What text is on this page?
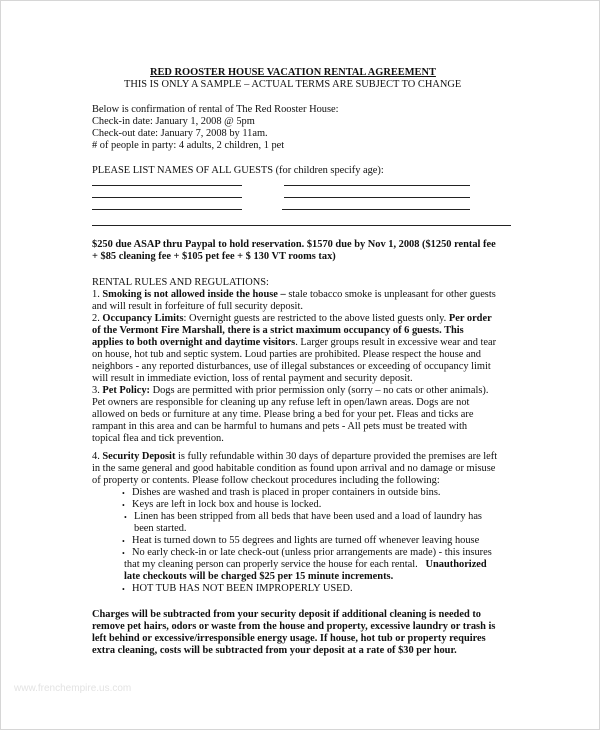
RED ROOSTER HOUSE VACATION RENTAL AGREEMENT
THIS IS ONLY A SAMPLE – ACTUAL TERMS ARE SUBJECT TO CHANGE
Below is confirmation of rental of The Red Rooster House:
Check-in date: January 1, 2008 @ 5pm
Check-out date: January 7, 2008 by 11am.
# of people in party: 4 adults, 2 children, 1 pet
PLEASE LIST NAMES OF ALL GUESTS (for children specify age):
$250 due ASAP thru Paypal to hold reservation. $1570 due by Nov 1, 2008 ($1250 rental fee
+ $85 cleaning fee + $105 pet fee + $ 130 VT rooms tax)
RENTAL RULES AND REGULATIONS:
1. Smoking is not allowed inside the house – stale tobacco smoke is unpleasant for other guests
and will result in forfeiture of full security deposit.
2. Occupancy Limits: Overnight guests are restricted to the above listed guests only. Per order
of the Vermont Fire Marshall, there is a strict maximum occupancy of 6 guests. This
applies to both overnight and daytime visitors. Larger groups result in excessive wear and tear
on house, hot tub and septic system. Loud parties are prohibited. Please respect the house and
neighbors - any reported disturbances, use of illegal substances or exceeding of occupancy limit
will result in immediate eviction, loss of rental payment and security deposit.
3. Pet Policy: Dogs are permitted with prior permission only (sorry – no cats or other animals).
Pet owners are responsible for cleaning up any refuse left in open/lawn areas. Dogs are not
allowed on beds or furniture at any time. Please bring a bed for your pet. Fleas and ticks are
rampant in this area and can be harmful to humans and pets - All pets must be treated with
topical flea and tick prevention.
4. Security Deposit is fully refundable within 30 days of departure provided the premises are left
in the same general and good habitable condition as found upon arrival and no damage or misuse
of property or contents. Please follow checkout procedures including the following:
• Dishes are washed and trash is placed in proper containers in outside bins.
• Keys are left in lock box and house is locked.
• Linen has been stripped from all beds that have been used and a load of laundry has
been started.
• Heat is turned down to 55 degrees and lights are turned off whenever leaving house
• No early check-in or late check-out (unless prior arrangements are made) - this insures
that my cleaning person can properly service the house for each rental. Unauthorized
late checkouts will be charged $25 per 15 minute increments.
• HOT TUB HAS NOT BEEN IMPROPERLY USED.
Charges will be subtracted from your security deposit if additional cleaning is needed to
remove pet hairs, odors or waste from the house and property, excessive laundry or trash is
left behind or excessive/irresponsible energy usage. If house, hot tub or property requires
extra cleaning, costs will be subtracted from your deposit at a rate of $30 per hour.
www.frenchempire.us.com
